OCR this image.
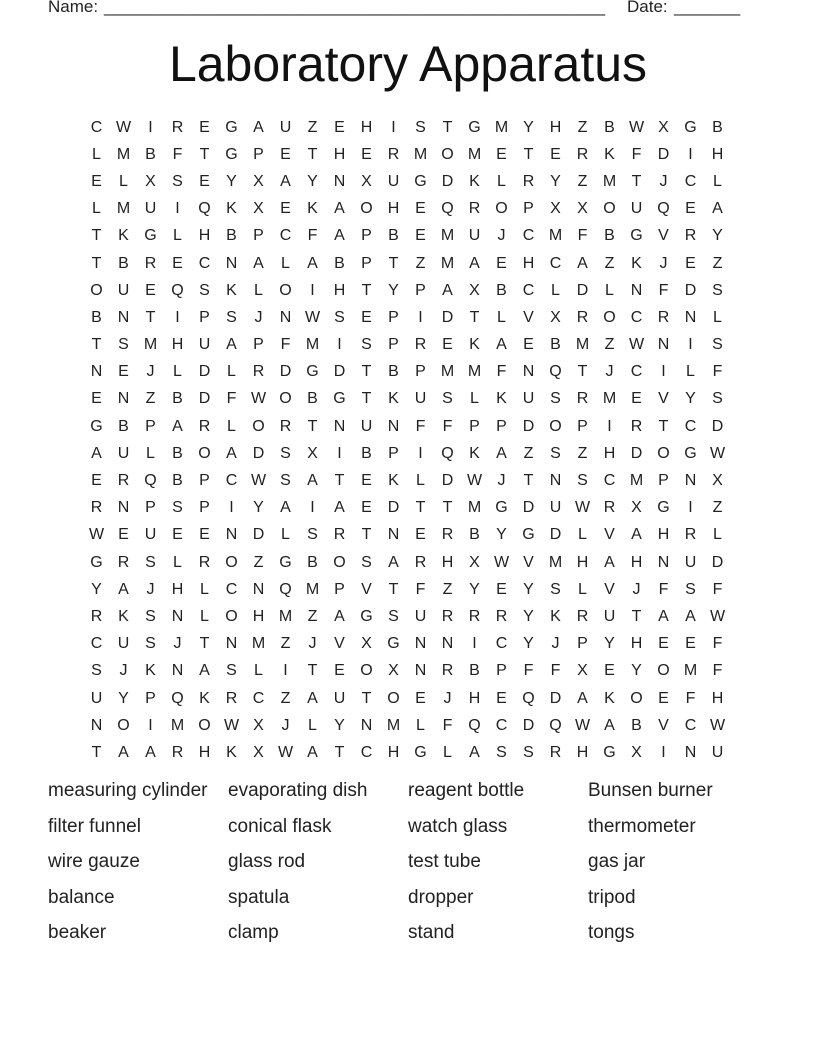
Name: _____________________________________________________ Date: _______
Laboratory Apparatus
C W	I	R E G A U	Z	E H	I	S	T G M Y H	Z	B W X G B
L M B	F	T G P	E	T	H E R M O M E	T	E R K	F	D	I	H
E	L	X	S	E	Y	X	A	Y N X U G D K	L	R Y	Z M T	J	C	L
L M U	I	Q K	X	E	K	A O H E Q R O P	X	X O U Q E	A
T	K G	L	H B	P C	F	A	P	B	E M U	J	C M F	B G V R Y
T	B R E C N A	L	A	B	P	T	Z M A	E H C A	Z	K	J	E	Z
O U E Q S	K	L	O	I	H	T	Y	P	A	X	B C	L	D	L	N	F	D S
B N	T	I	P	S	J	N W S	E	P	I	D	T	L	V	X R O C R N	L
T	S M H U A	P	F M	I	S	P R E	K	A	E	B M Z W N	I	S
N E	J	L	D	L	R D G D	T	B	P M M F	N Q T	J	C	I	L	F
E N	Z	B D	F W O B G T	K U S	L	K U S R M E	V	Y	S
G B	P	A R	L	O R	T	N U N	F	F	P	P D O P	I	R	T	C D
A U	L	B O A D S	X	I	B	P	I	Q K	A	Z	S	Z	H D O G W
E R Q B	P C W S	A	T	E	K	L	D W J	T	N S C M P N X
R N P	S	P	I	Y	A	I	A	E D	T	T M G D U W R X G	I	Z
W E U E	E N D	L	S R	T	N E R B	Y G D	L	V	A H R	L
G R S	L	R O Z G B O S	A R H X W V M H A H N U D
Y	A	J	H	L	C N Q M P	V	T	F	Z	Y	E	Y	S	L	V	J	F	S	F
R K	S N	L	O H M Z	A G S U R R R Y	K R U	T	A	A W
C U S	J	T	N M Z	J	V	X G N N	I	C Y	J	P	Y H E	E	F
S	J	K N A	S	L	I	T	E O X N R B	P	F	F	X	E	Y O M F
U Y	P Q K R C	Z	A U	T O E	J	H E Q D A	K O E	F	H
N O	I	M O W X	J	L	Y N M L	F Q C D Q W A	B	V C W
T	A	A R H K	X W A	T	C H G	L	A	S	S R H G X	I	N U
measuring cylinder	evaporating dish	reagent bottle	Bunsen burner
filter funnel	conical flask	watch glass	thermometer
wire gauze	glass rod	test tube	gas jar
balance	spatula	dropper	tripod
beaker	clamp	stand	tongs
